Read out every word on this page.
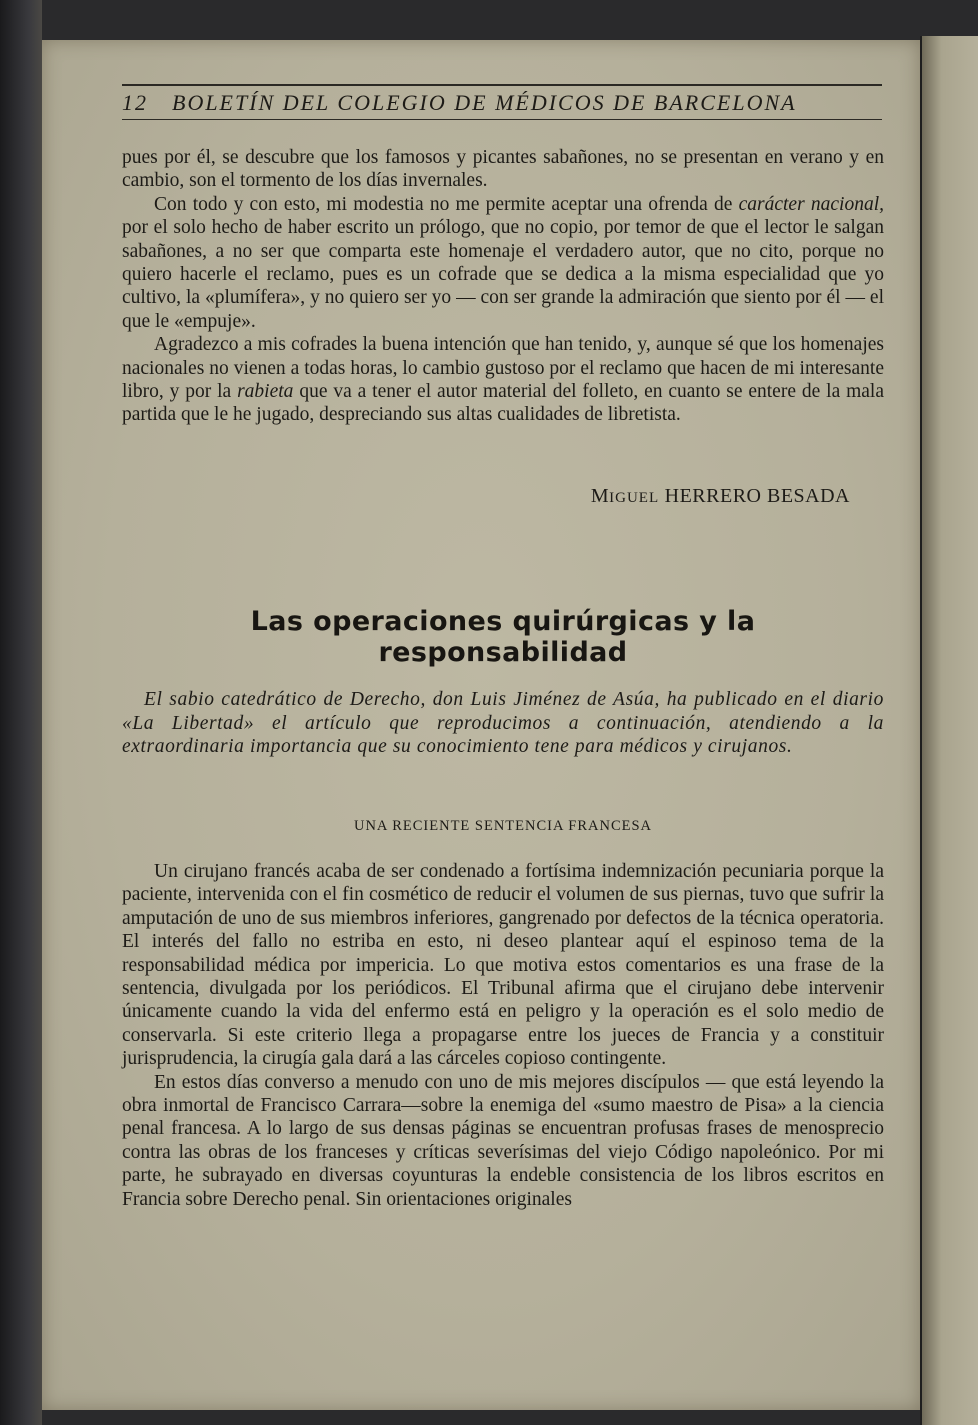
12 BOLETÍN DEL COLEGIO DE MÉDICOS DE BARCELONA

pues por él, se descubre que los famosos y picantes sabañones, no se presentan en verano y en cambio, son el tormento de los días invernales.

Con todo y con esto, mi modestia no me permite aceptar una ofrenda de carácter nacional, por el solo hecho de haber escrito un prólogo, que no copio, por temor de que el lector le salgan sabañones, a no ser que comparta este homenaje el verdadero autor, que no cito, porque no quiero hacerle el reclamo, pues es un cofrade que se dedica a la misma especialidad que yo cultivo, la «plumífera», y no quiero ser yo — con ser grande la admiración que siento por él — el que le «empuje».

Agradezco a mis cofrades la buena intención que han tenido, y, aunque sé que los homenajes nacionales no vienen a todas horas, lo cambio gustoso por el reclamo que hacen de mi interesante libro, y por la rabieta que va a tener el autor material del folleto, en cuanto se entere de la mala partida que le he jugado, despreciando sus altas cualidades de libretista.

MIGUEL HERRERO BESADA
Las operaciones quirúrgicas y la responsabilidad
El sabio catedrático de Derecho, don Luis Jiménez de Asúa, ha publicado en el diario «La Libertad» el artículo que reproducimos a continuación, atendiendo a la extraordinaria importancia que su conocimiento tene para médicos y cirujanos.
UNA RECIENTE SENTENCIA FRANCESA

Un cirujano francés acaba de ser condenado a fortísima indemnización pecuniaria porque la paciente, intervenida con el fin cosmético de reducir el volumen de sus piernas, tuvo que sufrir la amputación de uno de sus miembros inferiores, gangrenado por defectos de la técnica operatoria. El interés del fallo no estriba en esto, ni deseo plantear aquí el espinoso tema de la responsabilidad médica por impericia. Lo que motiva estos comentarios es una frase de la sentencia, divulgada por los periódicos. El Tribunal afirma que el cirujano debe intervenir únicamente cuando la vida del enfermo está en peligro y la operación es el solo medio de conservarla. Si este criterio llega a propagarse entre los jueces de Francia y a constituir jurisprudencia, la cirugía gala dará a las cárceles copioso contingente.

En estos días converso a menudo con uno de mis mejores discípulos — que está leyendo la obra inmortal de Francisco Carrara—sobre la enemiga del «sumo maestro de Pisa» a la ciencia penal francesa. A lo largo de sus densas páginas se encuentran profusas frases de menosprecio contra las obras de los franceses y críticas severísimas del viejo Código napoleónico. Por mi parte, he subrayado en diversas coyunturas la endeble consistencia de los libros escritos en Francia sobre Derecho penal. Sin orientaciones originales
